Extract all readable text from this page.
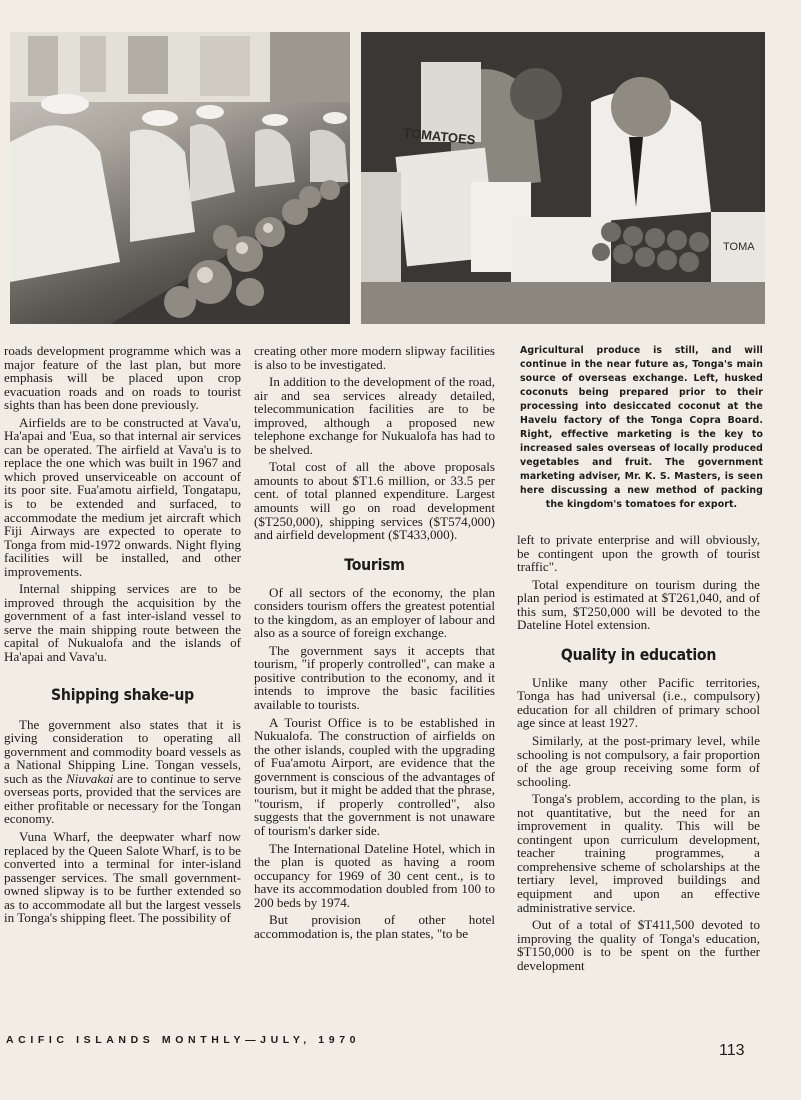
TOMATOES
TOMA

roads development programme which was a major feature of the last plan, but more emphasis will be placed upon crop evacuation roads and on roads to tourist sights than has been done previously.

Airfields are to be constructed at Vava'u, Ha'apai and 'Eua, so that internal air services can be operated. The airfield at Vava'u is to replace the one which was built in 1967 and which proved unserviceable on account of its poor site. Fua'amotu airfield, Tongatapu, is to be extended and surfaced, to accommodate the medium jet aircraft which Fiji Airways are expected to operate to Tonga from mid-1972 onwards. Night flying facilities will be installed, and other improvements.

Internal shipping services are to be improved through the acquisition by the government of a fast inter-island vessel to serve the main shipping route between the capital of Nukualofa and the islands of Ha'apai and Vava'u.

Shipping shake-up

The government also states that it is giving consideration to operating all government and commodity board vessels as a National Shipping Line. Tongan vessels, such as the Niuvakai are to continue to serve overseas ports, provided that the services are either profitable or necessary for the Tongan economy.

Vuna Wharf, the deepwater wharf now replaced by the Queen Salote Wharf, is to be converted into a terminal for inter-island passenger services. The small government-owned slipway is to be further extended so as to accommodate all but the largest vessels in Tonga's shipping fleet. The possibility of

creating other more modern slipway facilities is also to be investigated.

In addition to the development of the road, air and sea services already detailed, telecommunication facilities are to be improved, although a proposed new telephone exchange for Nukualofa has had to be shelved.

Total cost of all the above proposals amounts to about $T1.6 million, or 33.5 per cent. of total planned expenditure. Largest amounts will go on road development ($T250,000), shipping services ($T574,000) and airfield development ($T433,000).

Tourism

Of all sectors of the economy, the plan considers tourism offers the greatest potential to the kingdom, as an employer of labour and also as a source of foreign exchange.

The government says it accepts that tourism, "if properly controlled", can make a positive contribution to the economy, and it intends to improve the basic facilities available to tourists.

A Tourist Office is to be established in Nukualofa. The construction of airfields on the other islands, coupled with the upgrading of Fua'amotu Airport, are evidence that the government is conscious of the advantages of tourism, but it might be added that the phrase, "tourism, if properly controlled", also suggests that the government is not unaware of tourism's darker side.

The International Dateline Hotel, which in the plan is quoted as having a room occupancy for 1969 of 30 cent cent., is to have its accommodation doubled from 100 to 200 beds by 1974.

But provision of other hotel accommodation is, the plan states, "to be

Agricultural produce is still, and will continue in the near future as, Tonga's main source of overseas exchange. Left, husked coconuts being prepared prior to their processing into desiccated coconut at the Havelu factory of the Tonga Copra Board. Right, effective marketing is the key to increased sales overseas of locally produced vegetables and fruit. The government marketing adviser, Mr. K. S. Masters, is seen here discussing a new method of packing the kingdom's tomatoes for export.

left to private enterprise and will obviously, be contingent upon the growth of tourist traffic".

Total expenditure on tourism during the plan period is estimated at $T261,040, and of this sum, $T250,000 will be devoted to the Dateline Hotel extension.

Quality in education

Unlike many other Pacific territories, Tonga has had universal (i.e., compulsory) education for all children of primary school age since at least 1927.

Similarly, at the post-primary level, while schooling is not compulsory, a fair proportion of the age group receiving some form of schooling.

Tonga's problem, according to the plan, is not quantitative, but the need for an improvement in quality. This will be contingent upon curriculum development, teacher training programmes, a comprehensive scheme of scholarships at the tertiary level, improved buildings and equipment and upon an effective administrative service.

Out of a total of $T411,500 devoted to improving the quality of Tonga's education, $T150,000 is to be spent on the further development

ACIFIC ISLANDS MONTHLY—JULY, 1970
113
